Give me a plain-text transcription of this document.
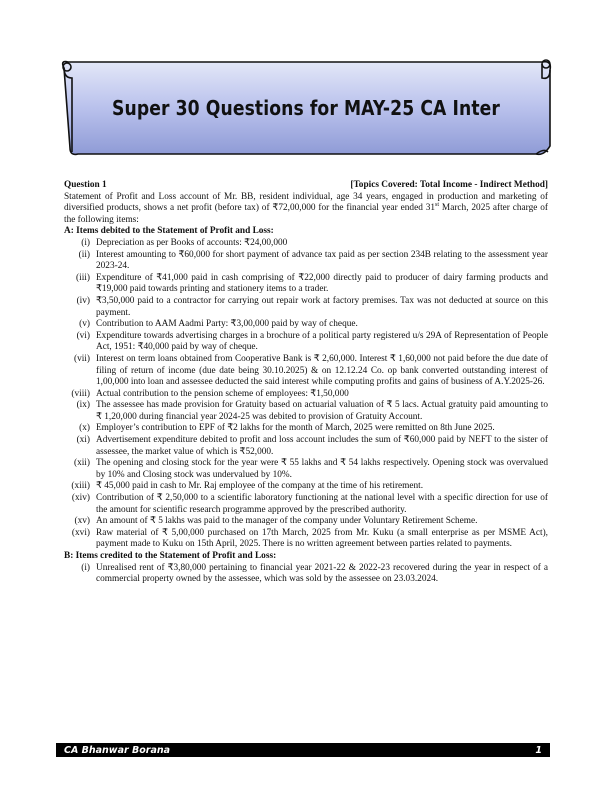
Super 30 Questions for MAY-25 CA Inter
Question 1	[Topics Covered: Total Income - Indirect Method]
Statement of Profit and Loss account of Mr. BB, resident individual, age 34 years, engaged in production and marketing of diversified products, shows a net profit (before tax) of ₹72,00,000 for the financial year ended 31st March, 2025 after charge of the following items:
A: Items debited to the Statement of Profit and Loss:
(i) Depreciation as per Books of accounts: ₹24,00,000
(ii) Interest amounting to ₹60,000 for short payment of advance tax paid as per section 234B relating to the assessment year 2023-24.
(iii) Expenditure of ₹41,000 paid in cash comprising of ₹22,000 directly paid to producer of dairy farming products and ₹19,000 paid towards printing and stationery items to a trader.
(iv) ₹3,50,000 paid to a contractor for carrying out repair work at factory premises. Tax was not deducted at source on this payment.
(v) Contribution to AAM Aadmi Party: ₹3,00,000 paid by way of cheque.
(vi) Expenditure towards advertising charges in a brochure of a political party registered u/s 29A of Representation of People Act, 1951: ₹40,000 paid by way of cheque.
(vii) Interest on term loans obtained from Cooperative Bank is ₹ 2,60,000. Interest ₹ 1,60,000 not paid before the due date of filing of return of income (due date being 30.10.2025) & on 12.12.24 Co. op bank converted outstanding interest of 1,00,000 into loan and assessee deducted the said interest while computing profits and gains of business of A.Y.2025-26.
(viii) Actual contribution to the pension scheme of employees: ₹1,50,000
(ix) The assessee has made provision for Gratuity based on actuarial valuation of ₹ 5 lacs. Actual gratuity paid amounting to ₹ 1,20,000 during financial year 2024-25 was debited to provision of Gratuity Account.
(x) Employer’s contribution to EPF of ₹2 lakhs for the month of March, 2025 were remitted on 8th June 2025.
(xi) Advertisement expenditure debited to profit and loss account includes the sum of ₹60,000 paid by NEFT to the sister of assessee, the market value of which is ₹52,000.
(xii) The opening and closing stock for the year were ₹ 55 lakhs and ₹ 54 lakhs respectively. Opening stock was overvalued by 10% and Closing stock was undervalued by 10%.
(xiii) ₹ 45,000 paid in cash to Mr. Raj employee of the company at the time of his retirement.
(xiv) Contribution of ₹ 2,50,000 to a scientific laboratory functioning at the national level with a specific direction for use of the amount for scientific research programme approved by the prescribed authority.
(xv) An amount of ₹ 5 lakhs was paid to the manager of the company under Voluntary Retirement Scheme.
(xvi) Raw material of ₹ 5,00,000 purchased on 17th March, 2025 from Mr. Kuku (a small enterprise as per MSME Act), payment made to Kuku on 15th April, 2025. There is no written agreement between parties related to payments.
B: Items credited to the Statement of Profit and Loss:
(i) Unrealised rent of ₹3,80,000 pertaining to financial year 2021-22 & 2022-23 recovered during the year in respect of a commercial property owned by the assessee, which was sold by the assessee on 23.03.2024.
CA Bhanwar Borana	1
